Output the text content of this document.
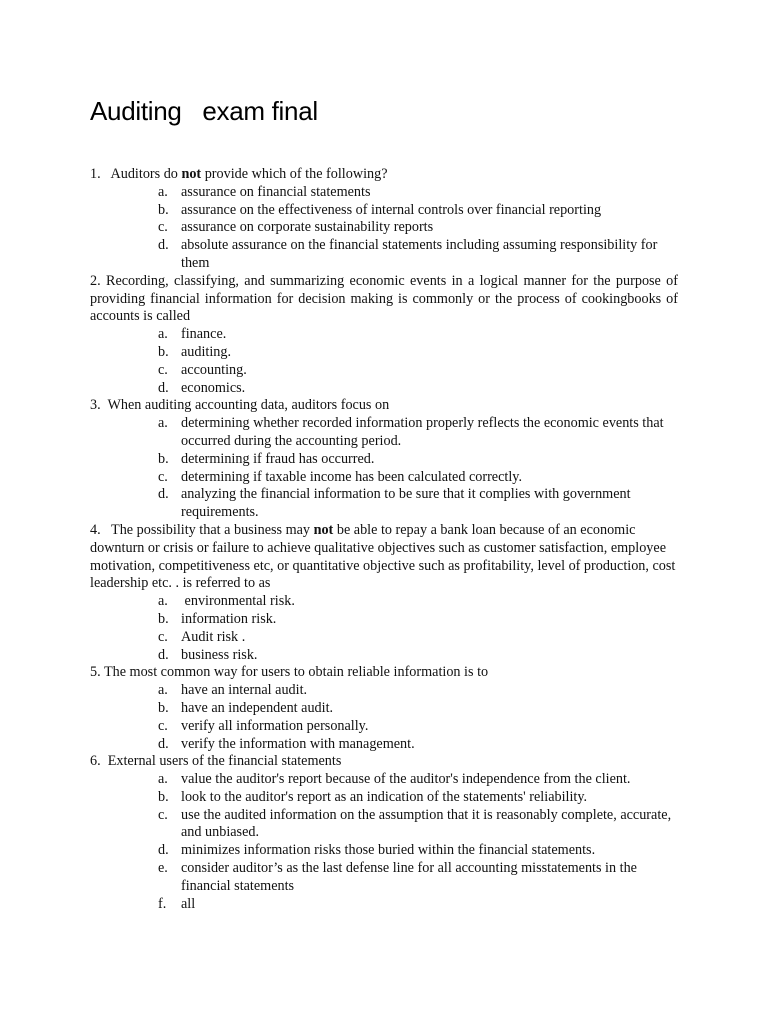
Auditing   exam final
1.   Auditors do not provide which of the following?
a. assurance on financial statements
b. assurance on the effectiveness of internal controls over financial reporting
c. assurance on corporate sustainability reports
d. absolute assurance on the financial statements including assuming responsibility for them
2. Recording, classifying, and summarizing economic events in a logical manner for the purpose of providing financial information for decision making is commonly or the process of cookingbooks of accounts is called
a. finance.
b. auditing.
c. accounting.
d. economics.
3.  When auditing accounting data, auditors focus on
a. determining whether recorded information properly reflects the economic events that occurred during the accounting period.
b. determining if fraud has occurred.
c. determining if taxable income has been calculated correctly.
d. analyzing the financial information to be sure that it complies with government requirements.
4.   The possibility that a business may not be able to repay a bank loan because of an economic downturn or crisis or failure to achieve qualitative objectives such as customer satisfaction, employee motivation, competitiveness etc, or quantitative objective such as profitability, level of production, cost leadership etc. . is referred to as
a. environmental risk.
b. information risk.
c. Audit risk .
d. business risk.
5. The most common way for users to obtain reliable information is to
a. have an internal audit.
b. have an independent audit.
c. verify all information personally.
d. verify the information with management.
6.  External users of the financial statements
a. value the auditor's report because of the auditor's independence from the client.
b. look to the auditor's report as an indication of the statements' reliability.
c. use the audited information on the assumption that it is reasonably complete, accurate, and unbiased.
d. minimizes information risks those buried within the financial statements.
e. consider auditor’s as the last defense line for all accounting misstatements in the financial statements
f. all
